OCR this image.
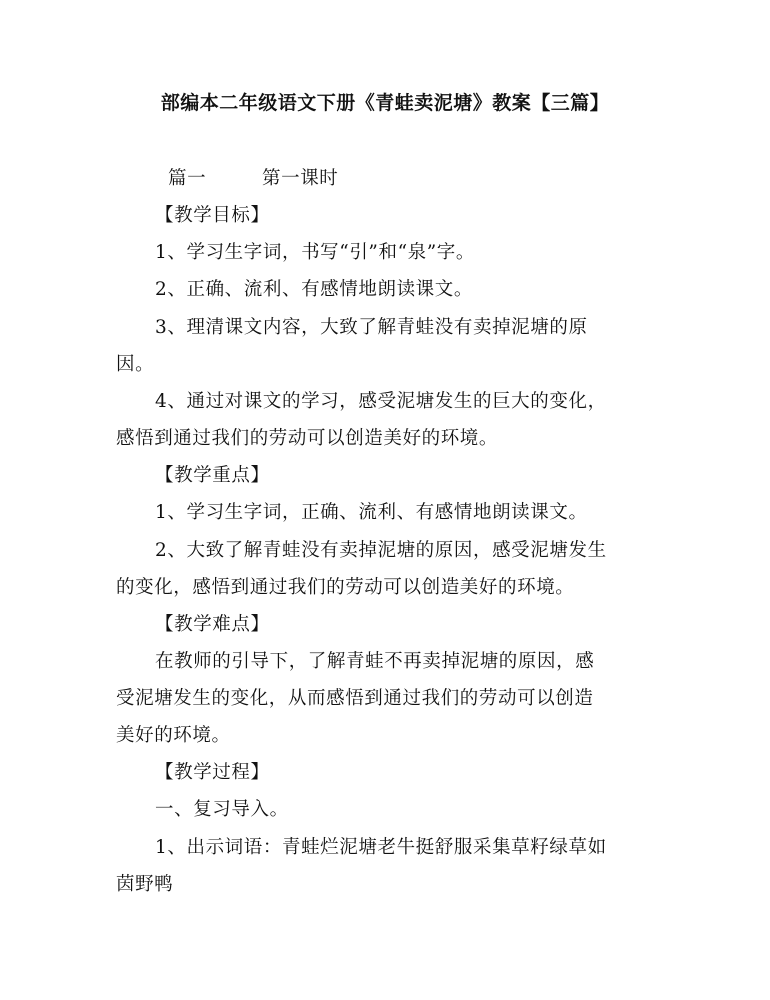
部编本二年级语文下册《青蛙卖泥塘》教案【三篇】
篇一	第一课时
【教学目标】
1、学习生字词，书写“引”和“泉”字。
2、正确、流利、有感情地朗读课文。
3、理清课文内容，大致了解青蛙没有卖掉泥塘的原
因。
4、通过对课文的学习，感受泥塘发生的巨大的变化，
感悟到通过我们的劳动可以创造美好的环境。
【教学重点】
1、学习生字词，正确、流利、有感情地朗读课文。
2、大致了解青蛙没有卖掉泥塘的原因，感受泥塘发生
的变化，感悟到通过我们的劳动可以创造美好的环境。
【教学难点】
在教师的引导下，了解青蛙不再卖掉泥塘的原因，感
受泥塘发生的变化，从而感悟到通过我们的劳动可以创造
美好的环境。
【教学过程】
一、复习导入。
1、出示词语：青蛙烂泥塘老牛挺舒服采集草籽绿草如
茵野鸭
